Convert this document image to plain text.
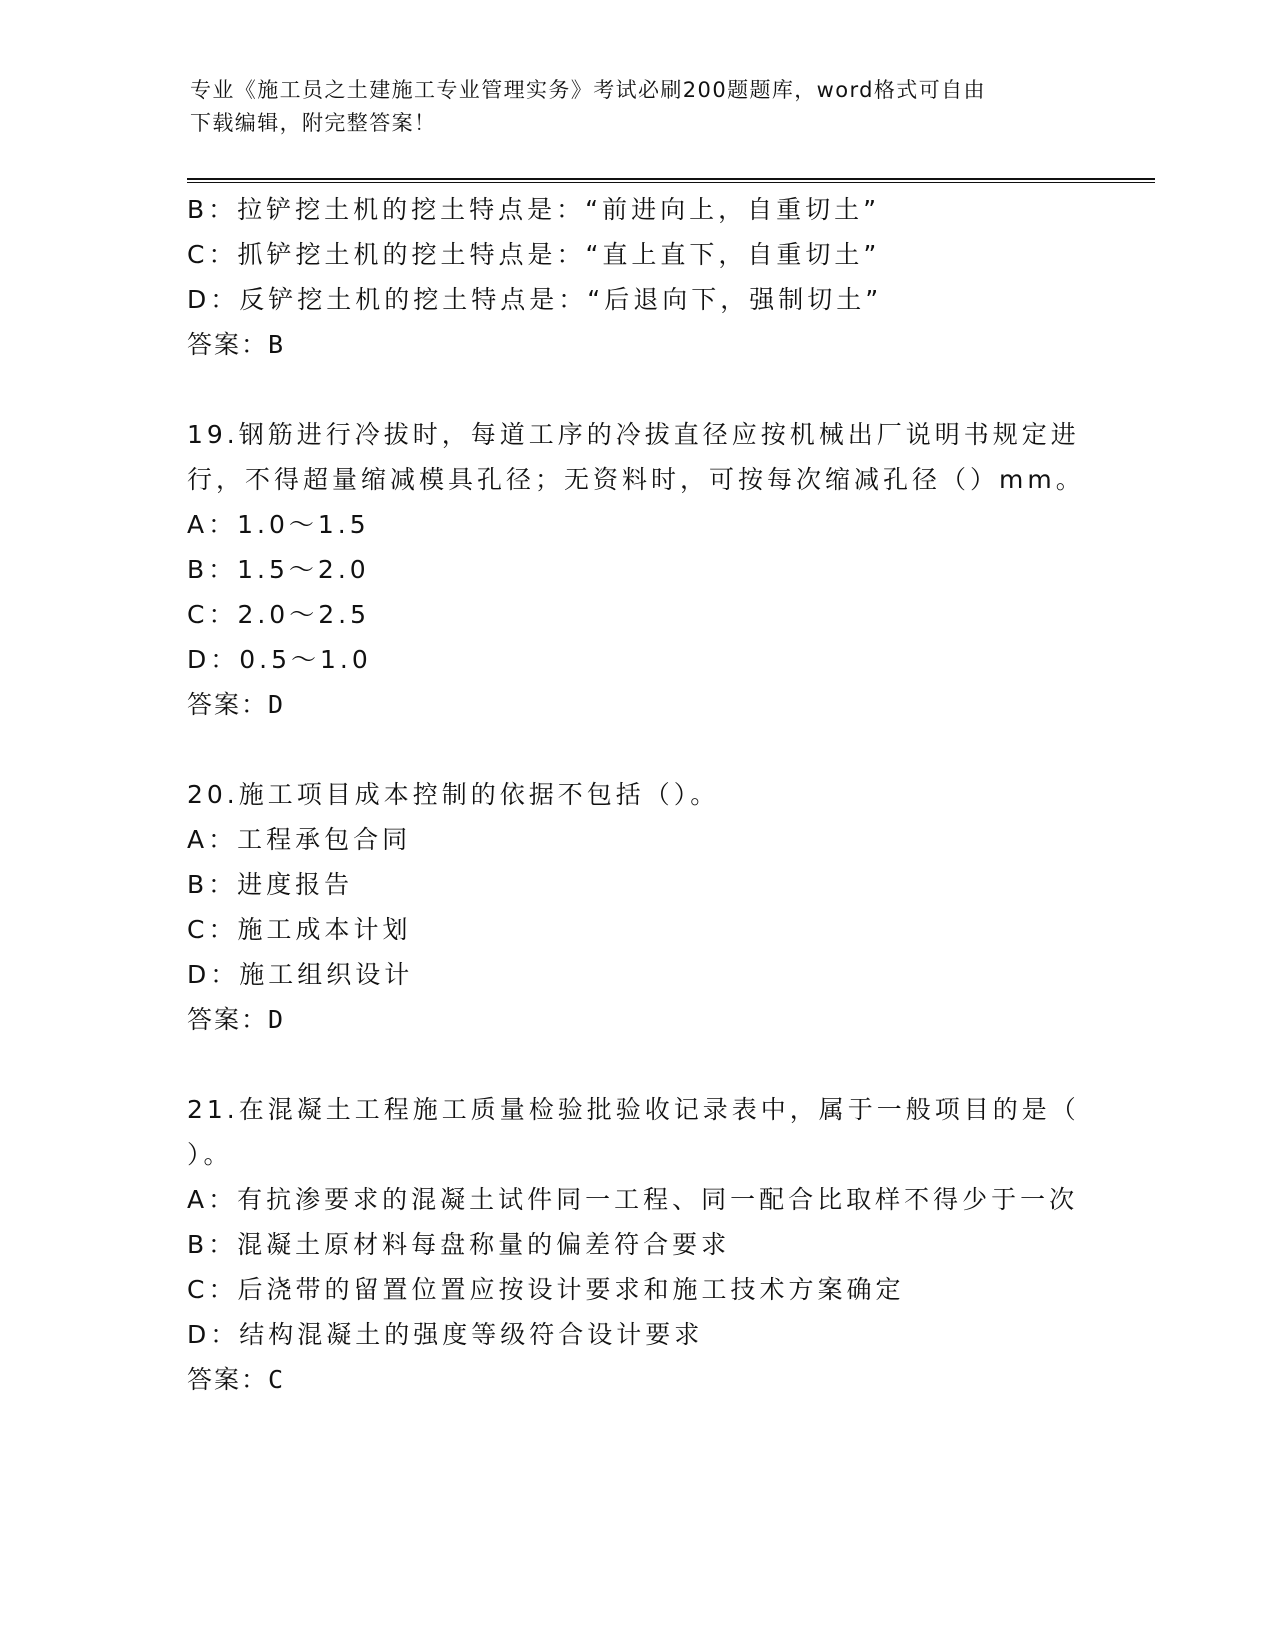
专业《施工员之土建施工专业管理实务》考试必刷200题题库，word格式可自由
下载编辑，附完整答案！
B：拉铲挖土机的挖土特点是：“前进向上，自重切土”
C：抓铲挖土机的挖土特点是：“直上直下，自重切土”
D：反铲挖土机的挖土特点是：“后退向下，强制切土”
答案：B
19.钢筋进行冷拔时，每道工序的冷拔直径应按机械出厂说明书规定进
行，不得超量缩减模具孔径；无资料时，可按每次缩减孔径（）mm。
A：1.0～1.5
B：1.5～2.0
C：2.0～2.5
D：0.5～1.0
答案：D
20.施工项目成本控制的依据不包括（）。
A：工程承包合同
B：进度报告
C：施工成本计划
D：施工组织设计
答案：D
21.在混凝土工程施工质量检验批验收记录表中，属于一般项目的是（
）。
A：有抗渗要求的混凝土试件同一工程、同一配合比取样不得少于一次
B：混凝土原材料每盘称量的偏差符合要求
C：后浇带的留置位置应按设计要求和施工技术方案确定
D：结构混凝土的强度等级符合设计要求
答案：C
